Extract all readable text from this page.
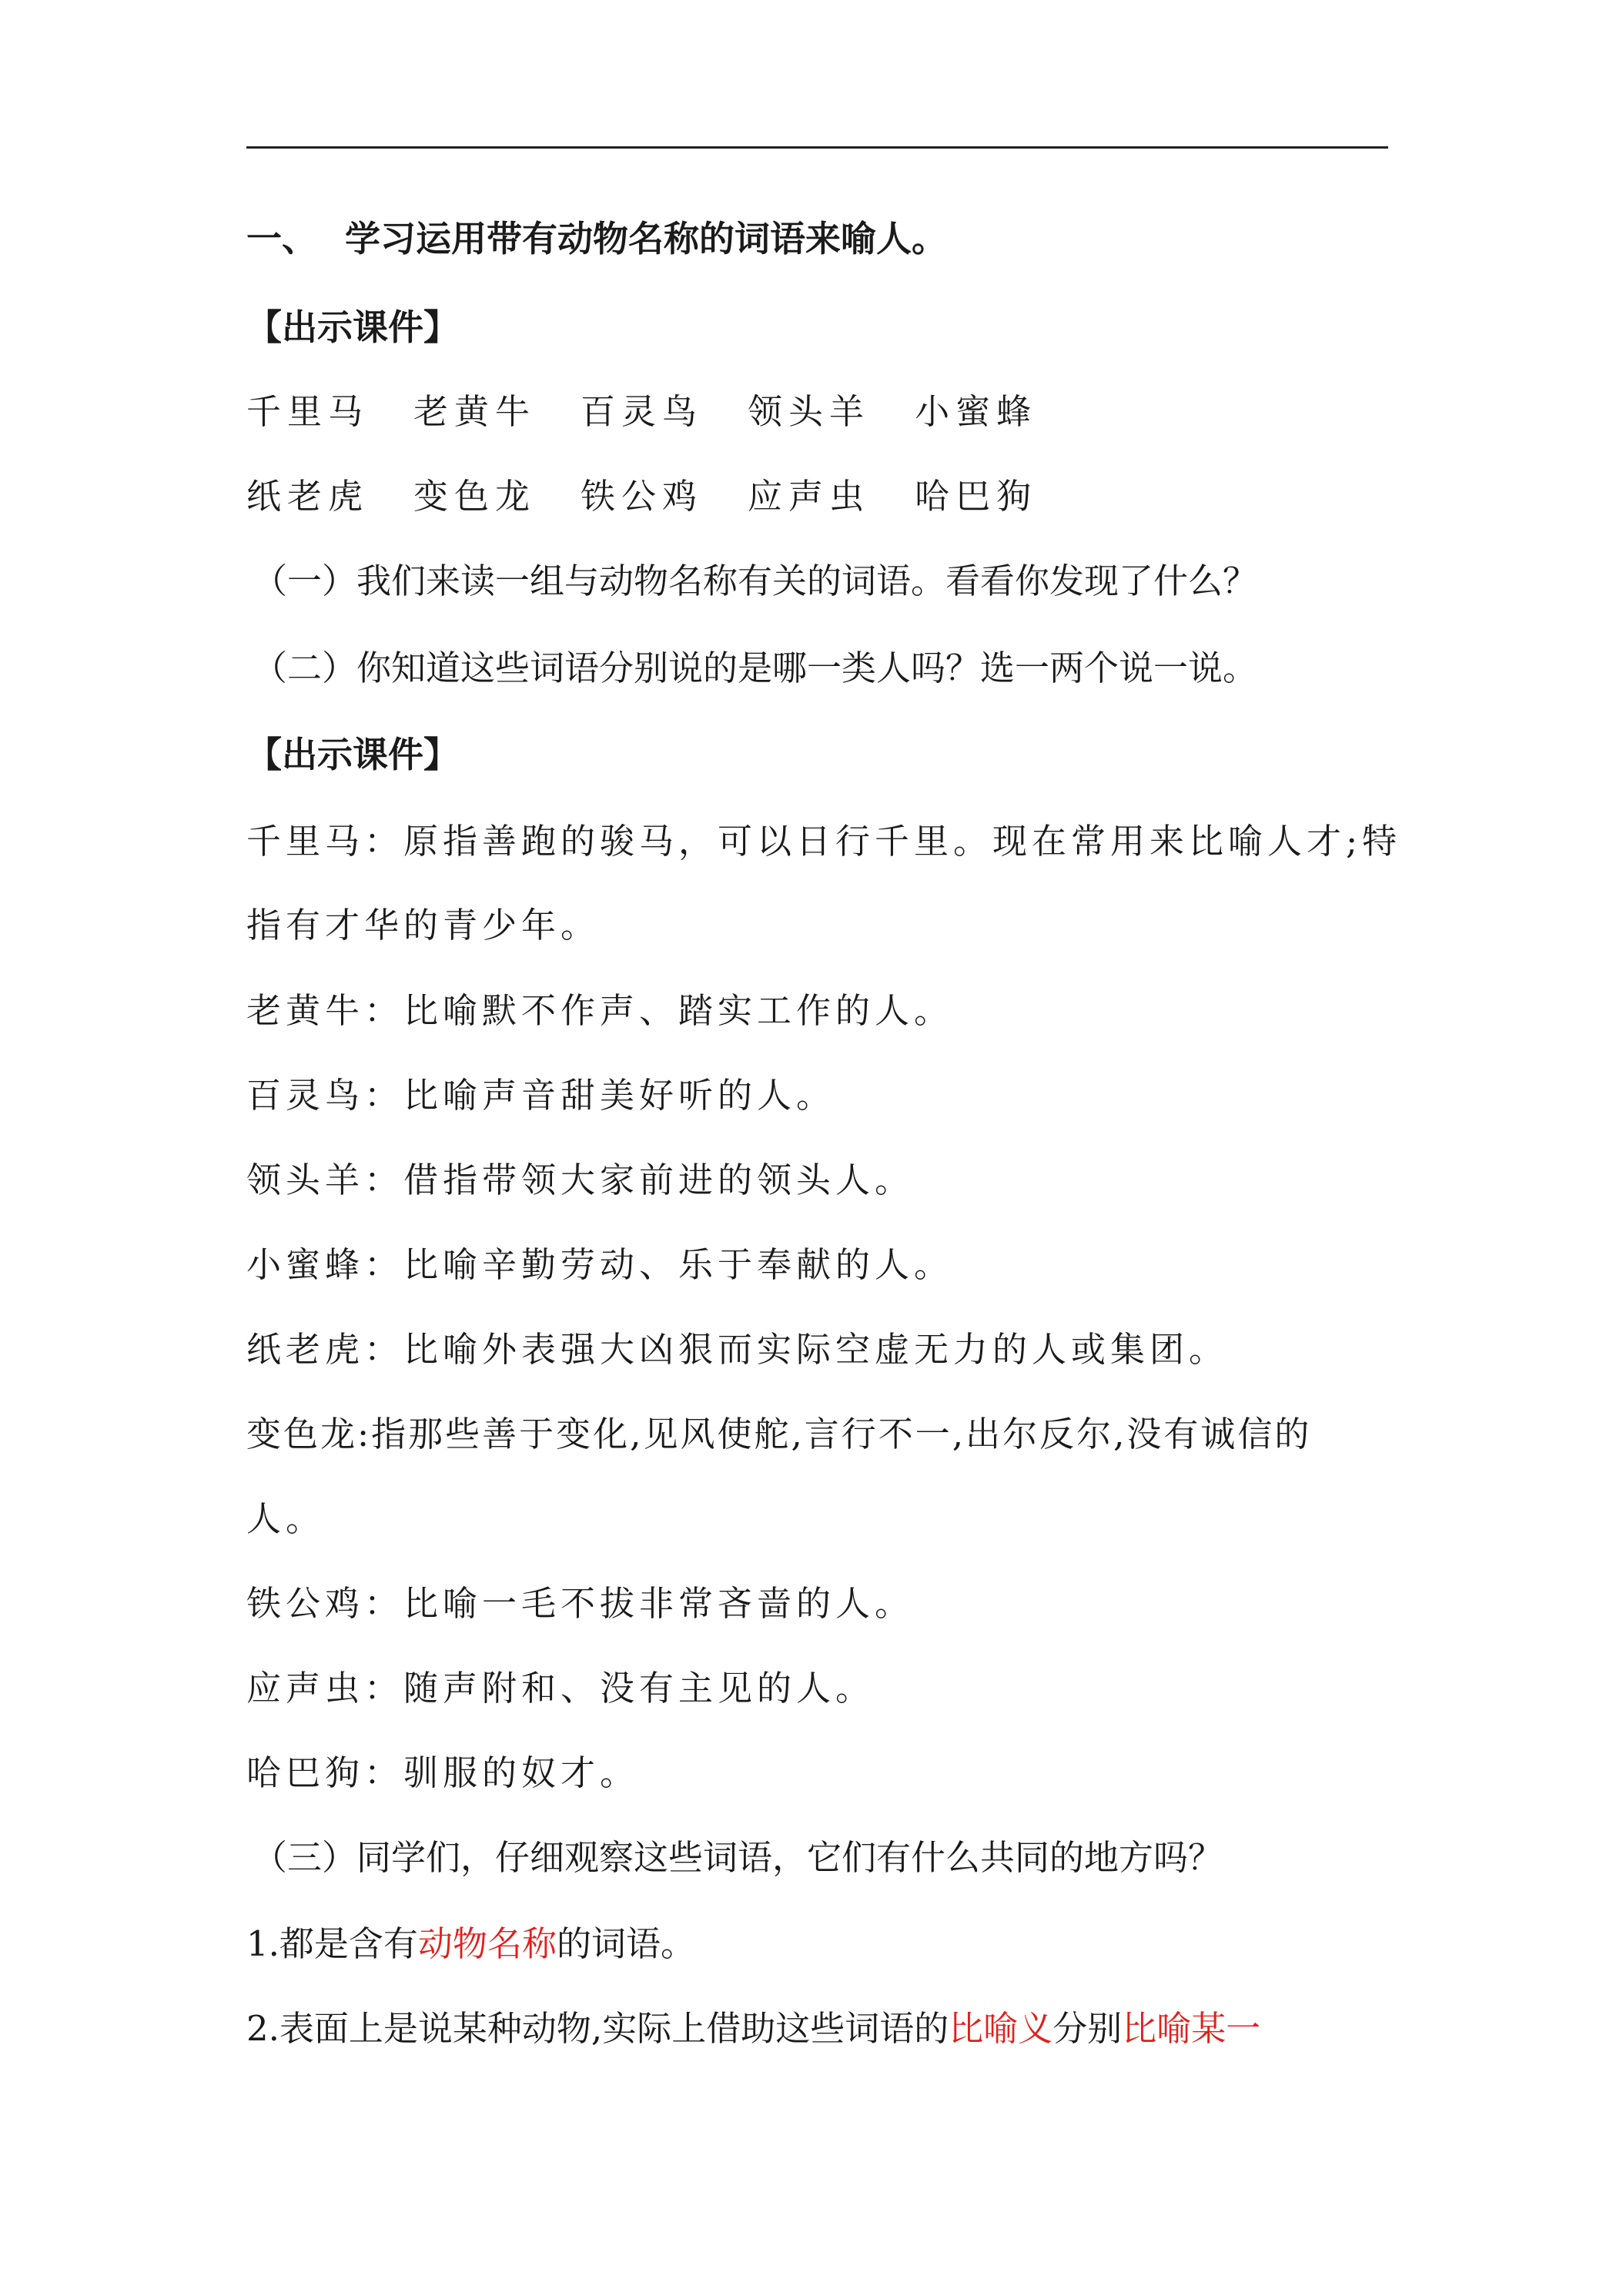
一、 学习运用带有动物名称的词语来喻人。
【出示课件】
千里马 老黄牛 百灵鸟 领头羊 小蜜蜂
纸老虎 变色龙 铁公鸡 应声虫 哈巴狗
（一）我们来读一组与动物名称有关的词语。看看你发现了什么？
（二）你知道这些词语分别说的是哪一类人吗？选一两个说一说。
【出示课件】
千里马：原指善跑的骏马，可以日行千里。现在常用来比喻人才;特
指有才华的青少年。
老黄牛：比喻默不作声、踏实工作的人。
百灵鸟：比喻声音甜美好听的人。
领头羊：借指带领大家前进的领头人。
小蜜蜂：比喻辛勤劳动、乐于奉献的人。
纸老虎：比喻外表强大凶狠而实际空虚无力的人或集团。
变色龙:指那些善于变化,见风使舵,言行不一,出尔反尔,没有诚信的
人。
铁公鸡：比喻一毛不拔非常吝啬的人。
应声虫：随声附和、没有主见的人。
哈巴狗：驯服的奴才。
（三）同学们，仔细观察这些词语，它们有什么共同的地方吗？
1.都是含有动物名称的词语。
2.表面上是说某种动物,实际上借助这些词语的比喻义分别比喻某一
